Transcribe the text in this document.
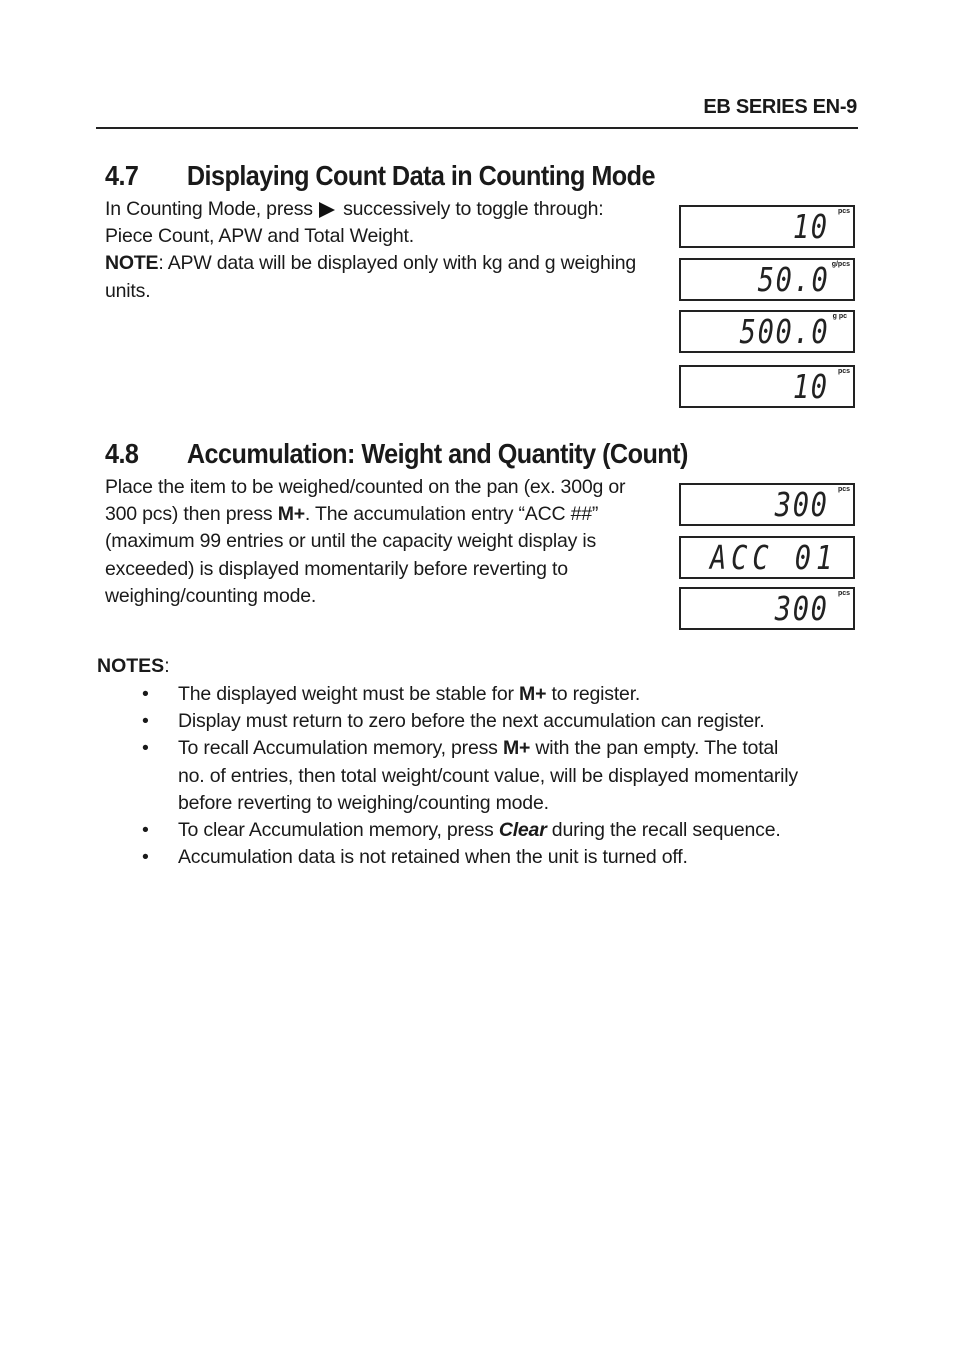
EB SERIES EN-9
4.7 Displaying Count Data in Counting Mode
In Counting Mode, press successively to toggle through:
Piece Count, APW and Total Weight.
NOTE: APW data will be displayed only with kg and g weighing
units.
10 pcs
50.0 g/pcs
500.0 g pc
10 pcs
4.8 Accumulation: Weight and Quantity (Count)
Place the item to be weighed/counted on the pan (ex. 300g or
300 pcs) then press M+. The accumulation entry “ACC ##”
(maximum 99 entries or until the capacity weight display is
exceeded) is displayed momentarily before reverting to
weighing/counting mode.
300 pcs
ACC 01
300 pcs
NOTES:
• The displayed weight must be stable for M+ to register.
• Display must return to zero before the next accumulation can register.
• To recall Accumulation memory, press M+ with the pan empty. The total
no. of entries, then total weight/count value, will be displayed momentarily
before reverting to weighing/counting mode.
• To clear Accumulation memory, press Clear during the recall sequence.
• Accumulation data is not retained when the unit is turned off.
